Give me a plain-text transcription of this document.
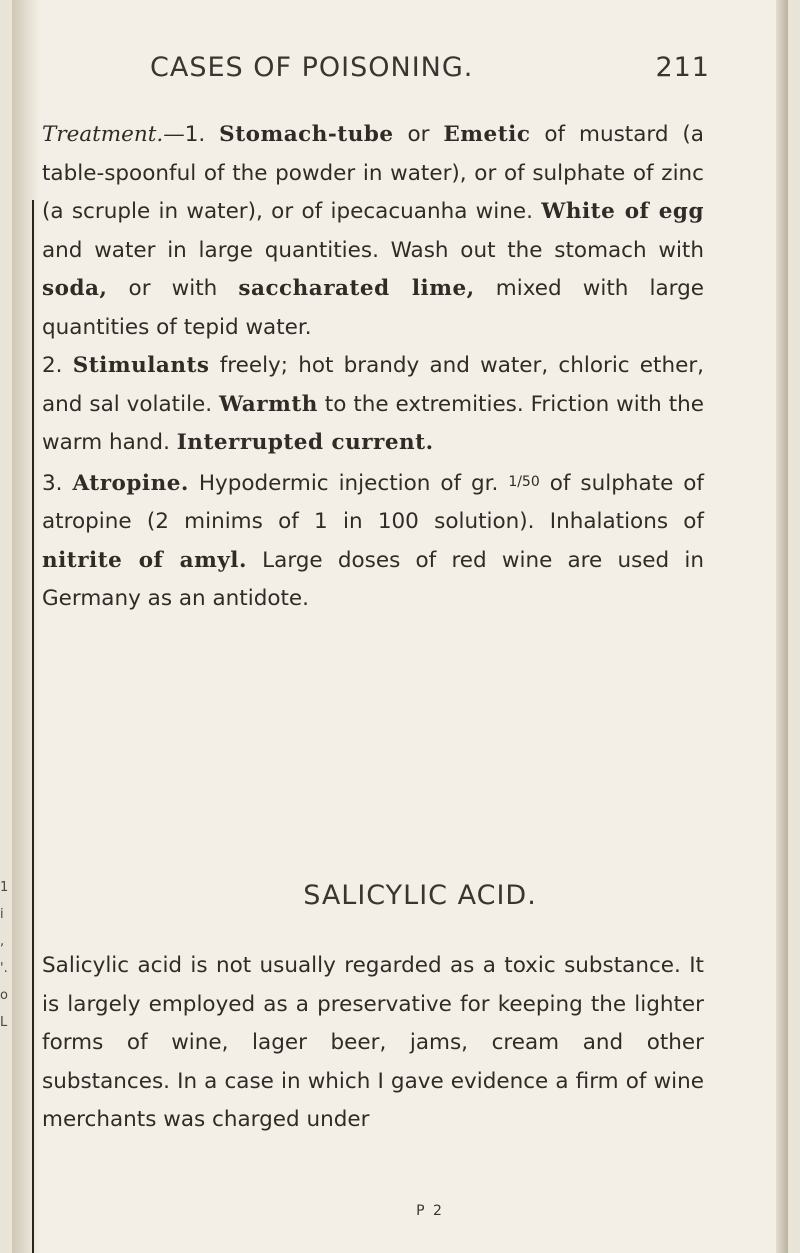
1
i
,
'.
o
L
CASES OF POISONING.	211

Treatment.—1. Stomach-tube or Emetic of mustard (a table-spoonful of the powder in water), or of sulphate of zinc (a scruple in water), or of ipecacuanha wine. White of egg and water in large quantities. Wash out the stomach with soda, or with saccharated lime, mixed with large quantities of tepid water.

2. Stimulants freely; hot brandy and water, chloric ether, and sal volatile. Warmth to the extremities. Friction with the warm hand. Interrupted current.

3. Atropine. Hypodermic injection of gr. 1/50 of sulphate of atropine (2 minims of 1 in 100 solution). Inhalations of nitrite of amyl. Large doses of red wine are used in Germany as an antidote.

SALICYLIC ACID.

Salicylic acid is not usually regarded as a toxic substance. It is largely employed as a preservative for keeping the lighter forms of wine, lager beer, jams, cream and other substances. In a case in which I gave evidence a firm of wine merchants was charged under

P 2
